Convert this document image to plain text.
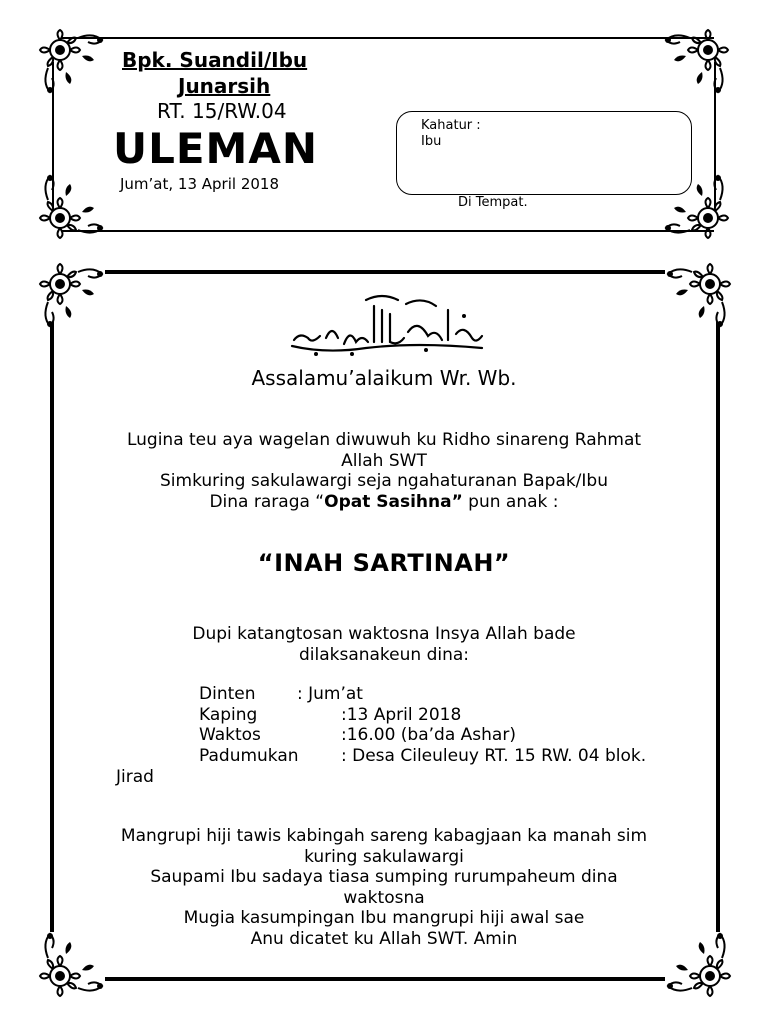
Bpk. Suandil/Ibu
Junarsih
RT. 15/RW.04
ULEMAN
Jum’at, 13 April 2018
Kahatur :
Ibu
Di Tempat.
Assalamu’alaikum Wr. Wb.
Lugina teu aya wagelan diwuwuh ku Ridho sinareng Rahmat
Allah SWT
Simkuring sakulawargi seja ngahaturanan Bapak/Ibu
Dina raraga “Opat Sasihna” pun anak :
“INAH SARTINAH”
Dupi katangtosan waktosna Insya Allah bade
dilaksanakeun dina:
Dinten : Jum’at
Kaping	:13 April 2018
Waktos	:16.00 (ba’da Ashar)
Padumukan : Desa Cileuleuy RT. 15 RW. 04 blok.
Jirad
Mangrupi hiji tawis kabingah sareng kabagjaan ka manah sim
kuring sakulawargi
Saupami Ibu sadaya tiasa sumping rurumpaheum dina
waktosna
Mugia kasumpingan Ibu mangrupi hiji awal sae
Anu dicatet ku Allah SWT. Amin
